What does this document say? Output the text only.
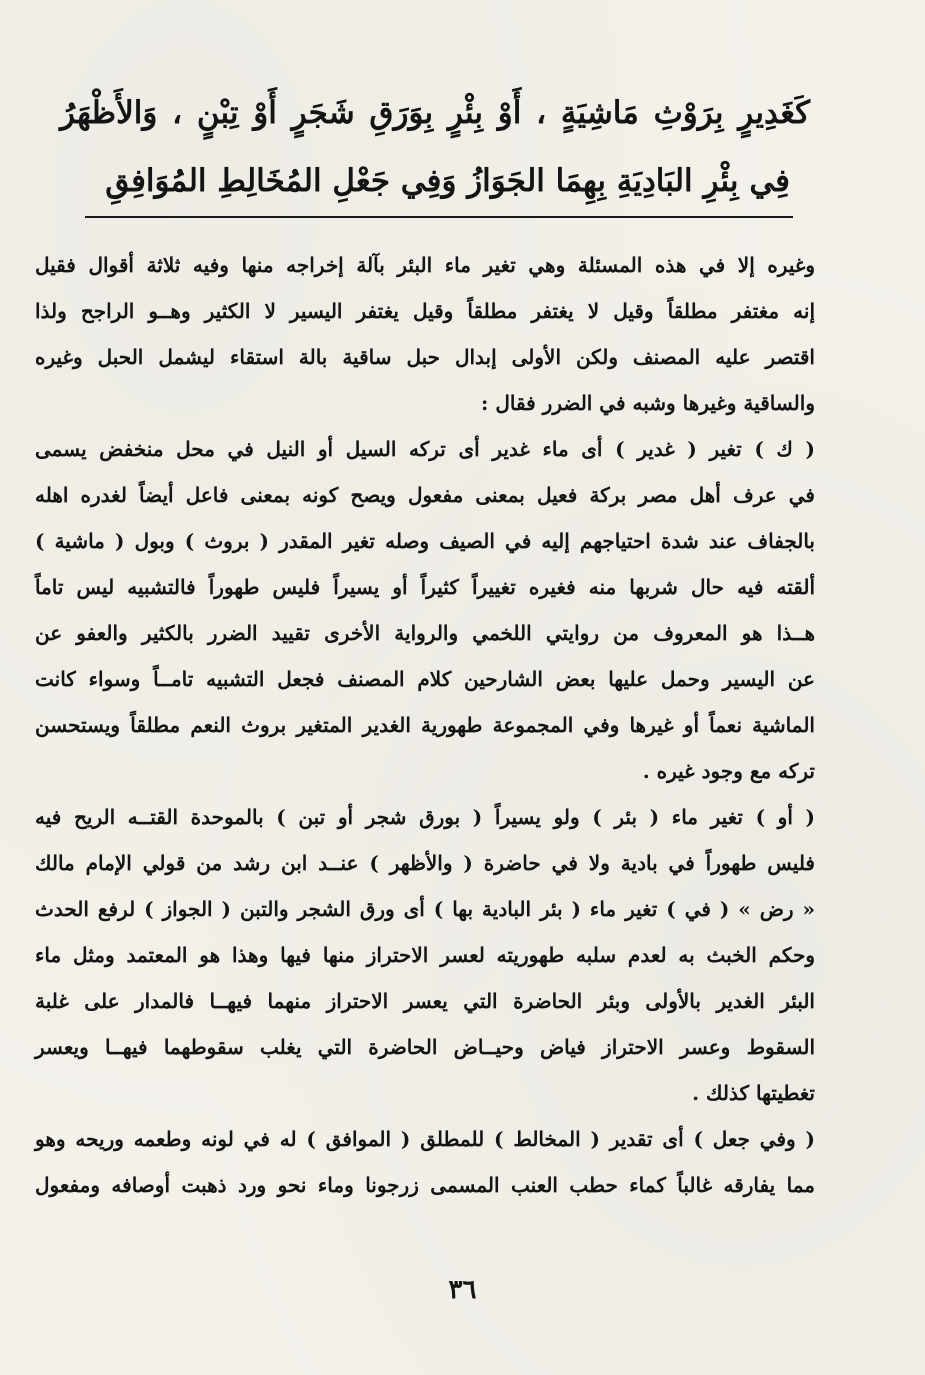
كَغَدِيرٍ بِرَوْثِ مَاشِيَةٍ ، أَوْ بِئْرٍ بِوَرَقِ شَجَرٍ أَوْ تِبْنٍ ، وَالأَظْهَرُ
فِي بِئْرِ البَادِيَةِ بِهِمَا الجَوَازُ وَفِي جَعْلِ المُخَالِطِ المُوَافِقِ
وغيره إلا في هذه المسئلة وهي تغير ماء البئر بآلة إخراجه منها وفيه ثلاثة أقوال فقيل
إنه مغتفر مطلقاً وقيل لا يغتفر مطلقاً وقيل يغتفر اليسير لا الكثير وهــو الراجح ولذا
اقتصر عليه المصنف ولكن الأولى إبدال حبل ساقية بالة استقاء ليشمل الحبل وغيره
والساقية وغيرها وشبه في الضرر فقال :
( ك ) تغير ( غدير ) أى ماء غدير أى تركه السيل أو النيل في محل منخفض يسمى
في عرف أهل مصر بركة فعيل بمعنى مفعول ويصح كونه بمعنى فاعل أيضاً لغدره اهله
بالجفاف عند شدة احتياجهم إليه في الصيف وصله تغير المقدر ( بروث ) وبول ( ماشية )
ألقته فيه حال شربها منه فغيره تغييراً كثيراً أو يسيراً فليس طهوراً فالتشبيه ليس تاماً
هــذا هو المعروف من روايتي اللخمي والرواية الأخرى تقييد الضرر بالكثير والعفو عن
عن اليسير وحمل عليها بعض الشارحين كلام المصنف فجعل التشبيه تامــاً وسواء كانت
الماشية نعماً أو غيرها وفي المجموعة طهورية الغدير المتغير بروث النعم مطلقاً ويستحسن
تركه مع وجود غيره .
( أو ) تغير ماء ( بئر ) ولو يسيراً ( بورق شجر أو تبن ) بالموحدة القتــه الريح فيه
فليس طهوراً في بادية ولا في حاضرة ( والأظهر ) عنــد ابن رشد من قولي الإمام مالك
« رض » ( في ) تغير ماء ( بئر البادية بها ) أى ورق الشجر والتبن ( الجواز ) لرفع الحدث
وحكم الخبث به لعدم سلبه طهوريته لعسر الاحتراز منها فيها وهذا هو المعتمد ومثل ماء
البئر الغدير بالأولى وبئر الحاضرة التي يعسر الاحتراز منهما فيهــا فالمدار على غلبة
السقوط وعسر الاحتراز فياض وحيــاض الحاضرة التي يغلب سقوطهما فيهــا ويعسر
تغطيتها كذلك .
( وفي جعل ) أى تقدير ( المخالط ) للمطلق ( الموافق ) له في لونه وطعمه وريحه وهو
مما يفارقه غالباً كماء حطب العنب المسمى زرجونا وماء نحو ورد ذهبت أوصافه ومفعول
٣٦
